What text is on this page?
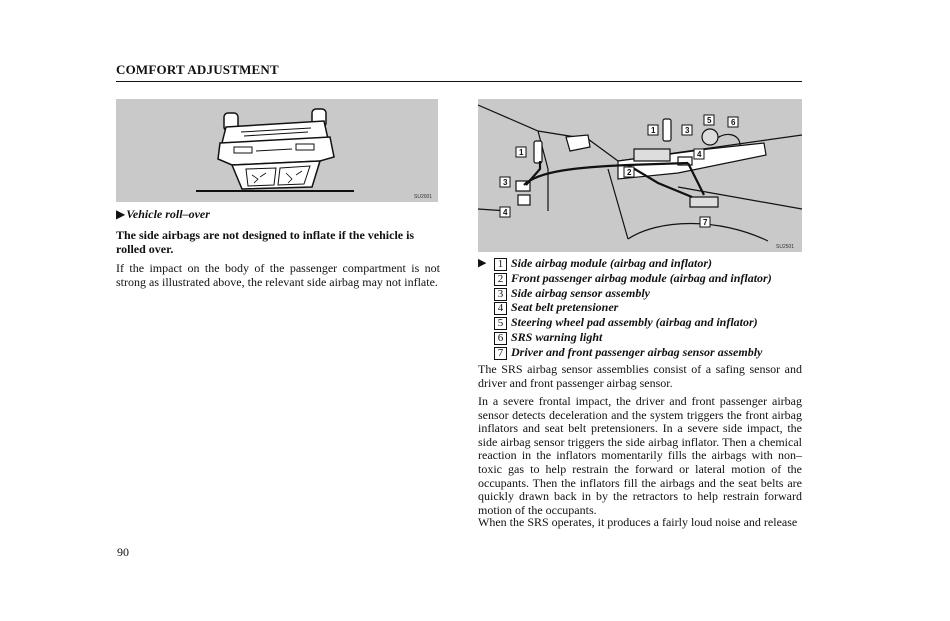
COMFORT ADJUSTMENT
SU2001
▶Vehicle roll–over
The side airbags are not designed to inflate if the vehicle is rolled over.
If the impact on the body of the passenger compartment is not strong as illustrated above, the relevant side airbag may not inflate.
1
1
2
3
3
4
4
5 6
7
SU2501
▶ 1 Side airbag module (airbag and inflator)
2 Front passenger airbag module (airbag and inflator)
3 Side airbag sensor assembly
4 Seat belt pretensioner
5 Steering wheel pad assembly (airbag and inflator)
6 SRS warning light
7 Driver and front passenger airbag sensor assembly
The SRS airbag sensor assemblies consist of a safing sensor and driver and front passenger airbag sensor.
In a severe frontal impact, the driver and front passenger airbag sensor detects deceleration and the system triggers the front airbag inflators and seat belt pretensioners. In a severe side impact, the side airbag sensor triggers the side airbag inflator. Then a chemical reaction in the inflators momentarily fills the airbags with non–toxic gas to help restrain the forward or lateral motion of the occupants. Then the inflators fill the airbags and the seat belts are quickly drawn back in by the retractors to help restrain forward motion of the occupants.
When the SRS operates, it produces a fairly loud noise and release
90
